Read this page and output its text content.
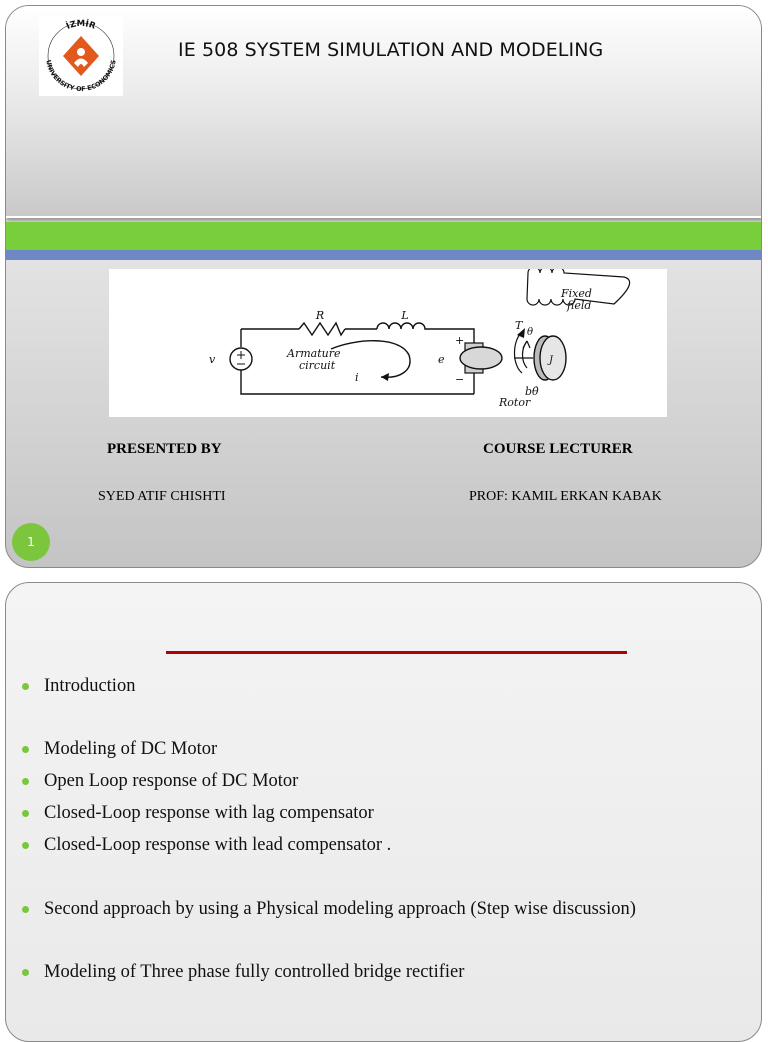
İZMİR
UNIVERSITY OF ECONOMICS
IE 508 SYSTEM SIMULATION AND MODELING
R	L
v	Armature
circuit
i
e
+
−
Fixed
field
T
θ
J
bθ̇
Rotor
PRESENTED BY
SYED ATIF CHISHTI
COURSE LECTURER
PROF: KAMIL ERKAN KABAK
1
Introduction
Modeling of DC Motor
Open Loop response of DC Motor
Closed-Loop response with lag compensator
Closed-Loop response with lead compensator .
Second approach by using a Physical modeling approach (Step wise discussion)
Modeling of Three phase fully controlled bridge rectifier
